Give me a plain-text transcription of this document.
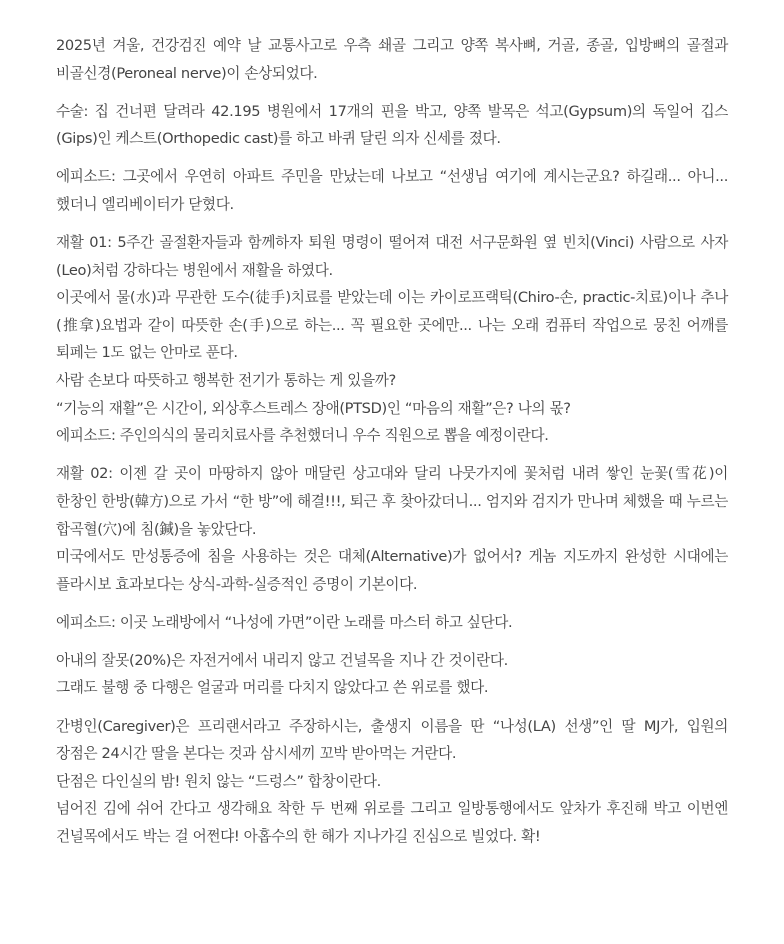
2025년 겨울, 건강검진 예약 날 교통사고로 우측 쇄골 그리고 양쪽 복사뼈, 거골, 종골, 입방뼈의 골절과 비골신경(Peroneal nerve)이 손상되었다.
수술: 집 건너편 달려라 42.195 병원에서 17개의 핀을 박고, 양쪽 발목은 석고(Gypsum)의 독일어 깁스(Gips)인 케스트(Orthopedic cast)를 하고 바퀴 달린 의자 신세를 졌다.
에피소드: 그곳에서 우연히 아파트 주민을 만났는데 나보고 “선생님 여기에 계시는군요? 하길래... 아니... 했더니 엘리베이터가 닫혔다.
재활 01: 5주간 골절환자들과 함께하자 퇴원 명령이 떨어져 대전 서구문화원 옆 빈치(Vinci) 사람으로 사자(Leo)처럼 강하다는 병원에서 재활을 하였다.
이곳에서 물(水)과 무관한 도수(徒手)치료를 받았는데 이는 카이로프랙틱(Chiro-손, practic-치료)이나 추나(推拿)요법과 같이 따뜻한 손(手)으로 하는... 꼭 필요한 곳에만... 나는 오래 컴퓨터 작업으로 뭉친 어깨를 퇴페는 1도 없는 안마로 푼다.
사람 손보다 따뜻하고 행복한 전기가 통하는 게 있을까?
“기능의 재활”은 시간이, 외상후스트레스 장애(PTSD)인 “마음의 재활”은? 나의 몫?
에피소드: 주인의식의 물리치료사를 추천했더니 우수 직원으로 뽑을 예정이란다.
재활 02: 이젠 갈 곳이 마땅하지 않아 매달린 상고대와 달리 나뭇가지에 꽃처럼 내려 쌓인 눈꽃(雪花)이 한창인 한방(韓方)으로 가서 “한 방”에 해결!!!, 퇴근 후 찾아갔더니... 엄지와 검지가 만나며 체했을 때 누르는 합곡혈(穴)에 침(鍼)을 놓았단다.
미국에서도 만성통증에 침을 사용하는 것은 대체(Alternative)가 없어서? 게놈 지도까지 완성한 시대에는 플라시보 효과보다는 상식-과학-실증적인 증명이 기본이다.
에피소드: 이곳 노래방에서 “나성에 가면”이란 노래를 마스터 하고 싶단다.
아내의 잘못(20%)은 자전거에서 내리지 않고 건널목을 지나 간 것이란다.
그래도 불행 중 다행은 얼굴과 머리를 다치지 않았다고 쓴 위로를 했다.
간병인(Caregiver)은 프리랜서라고 주장하시는, 출생지 이름을 딴 “나성(LA) 선생”인 딸 MJ가, 입원의 장점은 24시간 딸을 본다는 것과 삼시세끼 꼬박 받아먹는 거란다.
단점은 다인실의 밤! 원치 않는 “드렁스” 합창이란다.
넘어진 김에 쉬어 간다고 생각해요 착한 두 번째 위로를 그리고 일방통행에서도 앞차가 후진해 박고 이번엔 건널목에서도 박는 걸 어쩐댜! 아홉수의 한 해가 지나가길 진심으로 빌었다. 확!
